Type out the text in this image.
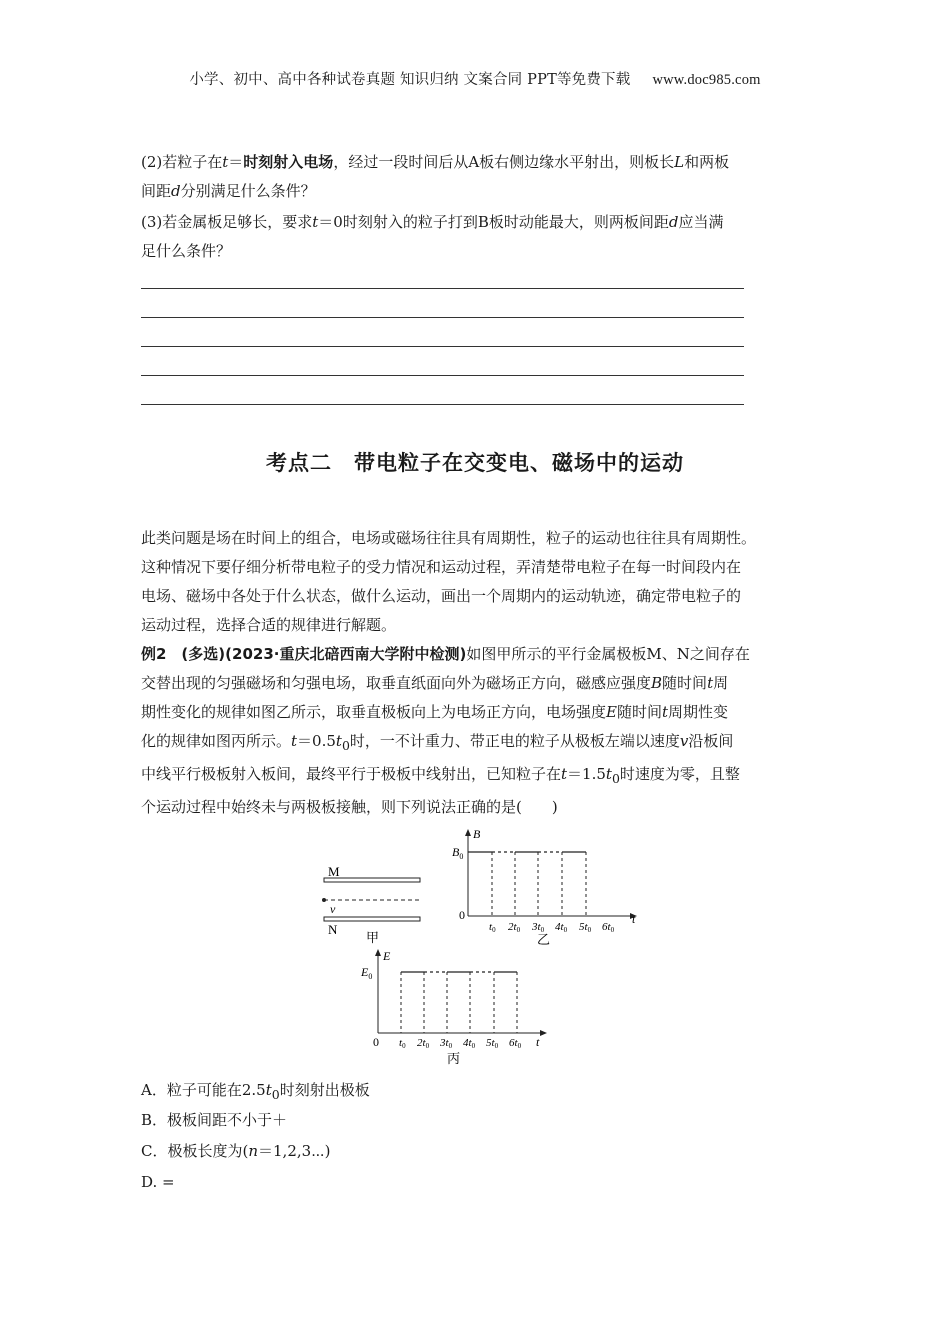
小学、初中、高中各种试卷真题 知识归纳 文案合同 PPT等免费下载 www.doc985.com
(2)若粒子在t＝时刻射入电场，经过一段时间后从A板右侧边缘水平射出，则板长L和两板
间距d分别满足什么条件？
(3)若金属板足够长，要求t＝0时刻射入的粒子打到B板时动能最大，则两板间距d应当满
足什么条件？
考点二　带电粒子在交变电、磁场中的运动
此类问题是场在时间上的组合，电场或磁场往往具有周期性，粒子的运动也往往具有周期性。
这种情况下要仔细分析带电粒子的受力情况和运动过程，弄清楚带电粒子在每一时间段内在
电场、磁场中各处于什么状态，做什么运动，画出一个周期内的运动轨迹，确定带电粒子的
运动过程，选择合适的规律进行解题。
例2　(多选)(2023·重庆北碚西南大学附中检测)如图甲所示的平行金属极板M、N之间存在
交替出现的匀强磁场和匀强电场，取垂直纸面向外为磁场正方向，磁感应强度B随时间t周
期性变化的规律如图乙所示，取垂直极板向上为电场正方向，电场强度E随时间t周期性变
化的规律如图丙所示。$t=0.5t_0$时，一不计重力、带正电的粒子从极板左端以速度v沿板间
中线平行极板射入板间，最终平行于极板中线射出，已知粒子在$t=1.5t_0$时速度为零，且整
个运动过程中始终未与两极板接触，则下列说法正确的是(　　)
M
v
N
甲
B
$B_0$
0	t
t0 2t0 3t0 4t0 5t0 6t0
乙
E
$E_0$
0	t
t0 2t0 3t0 4t0 5t0 6t0
丙
A．粒子可能在$2.5t_0$时刻射出极板
B．极板间距不小于＋
C．极板长度为(n＝1,2,3⋯)
D. =
